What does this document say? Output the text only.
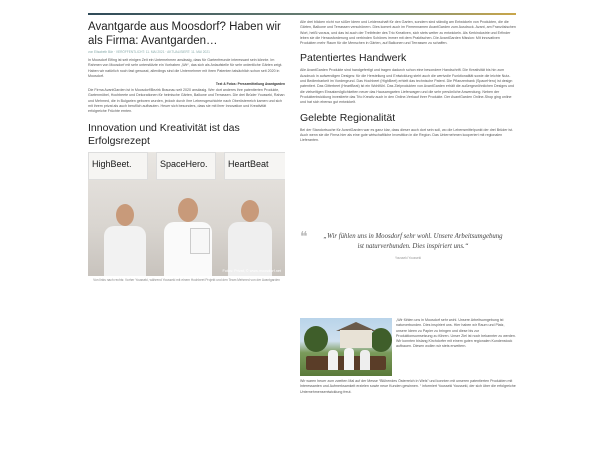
Avantgarde aus Moosdorf? Haben wir als Firma: Avantgarden…
von Elisabeth Bär · VERÖFFENTLICHT: 11. MAI 2021 · AKTUALISIERT: 11. MAI 2021

In Moosdorf Eifing ist seit einigen Zeit ein Unternehmen ansässig, dass für Gartenfreunde interessant sein könnte. Im Rahmen von Moosdorf mit sehr unterstützte ein Vorhaben „Wir“, das sich als Anlaufstelle für sehr ordentliche Gärten zeigt. Haben wir natürlich noch fast gewusst, allerdings sind die Unternehmer mit ihren Patenten tatsächlich schon seit 2020 in Moosdorf.

Text & Fotos: Pressemitteilung Avantgarden

Die Firma AvantGarden ist in Moosdorf/Bezirk Braunau seit 2020 ansässig. Wer dort anderes ihre patentierten Produkte, Gartenmöbel, Hochbeete und Dekorationen für heimische Gärten, Balkone und Terrassen. Die drei Brüder Yousseki, Rahan und Mehmed, die in Bulgarien geboren wurden, jedoch durch ihre Lebensgeschichte nach Oberösterreich kamen und sich mit ihrem privat als auch beruflich aufbauten. Heuer sich besonders, dass sie mit ihrer Innovation und Kreativität erfolgreiche Früchte ernten.

Innovation und Kreativität ist das Erfolgsrezept
HighBeet.	SpaceHero.	HeartBeat
Fotos: Privat, © www.moosdorf.net
Von links nach rechts: Vorher Yousseki, während Yousseki mit einem Hochbeet Projekt und den Team Mehmed von der Avantgarden

Alle drei blicken nicht nur süßer Ideen und Leidenschaft für den Garten, sondern sind ständig am Entwickeln von Produkten, die die Gärten, Balkone und Terrassen verschönern. Dies kommt auch im Firmennamen AvantGarden zum Ausdruck. Avant, am Französischen Wort, heißt voraus, und das ist auch der Treibfeder des Trio Kreativen, sich stets weiter zu entwickeln. Als Kerkindustrie und Erfinder leben sie die Herausforderung und verbinden Schönes immer mit dem Praktischen. Die AvantGarden Mission: Mit innovativen Produkten mehr Raum für die Menschen in Gärten, auf Balkonen und Terrassen zu schaffen.

Patentiertes Handwerk

Alle AvantGarden Produkte sind handgefertigt und tragen dadurch schon eine besondere Handschrift. Die Kreativität bis hin zum Ausdruck in aufwendigen Designs: für die Herstellung und Entwicklung steht auch die wertvolle Funktionalität sowie die leichte Nutz- und Bedienbarkeit im Vordergrund. Das Hochbeet (HighBeet) erhielt das technische Patent. Die Pflanzenbank (SpaceHero) ist design patentiert. Das Gitterbeet (HeartBeat) ist ein Wohlfühl. Das Zielprodukten von AvantGarden erhält die außergewöhnlichen Designs und die vielseitigen Einsatzmöglichkeiten neuer das Hausamgarten Lieferwagen und die sehr persönliche Anwendung. Neben der Produktentwicklung investierte das Trio Kreativ auch in den Online-Verkauf ihrer Produkte. Der AvantGarden Online-Shop ging online und hat sich ebenso gut entwickelt.

Gelebte Regionalität

Bei der Standortsuche für AvantGarden war es ganz klar, dass dieser auch dort sein soll, wo die Lebensmittelpunkt der drei Brüder ist. Auch wenn sie die Firma hier als eine gute wirtschaftliche Investition in die Region. Das Unternehmen kooperiert mit regionalen Lieferanten.

❝	„Wir fühlen uns in Moosdorf sehr wohl. Unsere Arbeitsumgebung ist naturverbunden. Dies inspiriert uns.“
Yousseki Yousseki

„Wir fühlen uns in Moosdorf sehr wohl. Unsere Arbeitsumgebung ist naturverbunden. Dies inspiriert uns. Hier haben wir Raum und Platz, unsere Ideen zu Papier zu bringen und diese bis zur Produktionsumsetzung zu führen. Unser Ziel ist noch bekannter zu werden. Wir konnten bislang Kirchdorfer mit einem guten regionalen Kundenstock aufbauen. Diesen wollen wir stets erweitern.

Wir waren heuer zum zweiten Mal auf der Messe “Blühendes Österreich in Wels” und konnten mit unseren patentierten Produkten mit Interessanten und Aufmerksamkeit erzielen sowie neue Kunden gewinnen. “ informiert Yousseki Yousseki, der sich über die erfolgreiche Unternehmensentwicklung freut.
